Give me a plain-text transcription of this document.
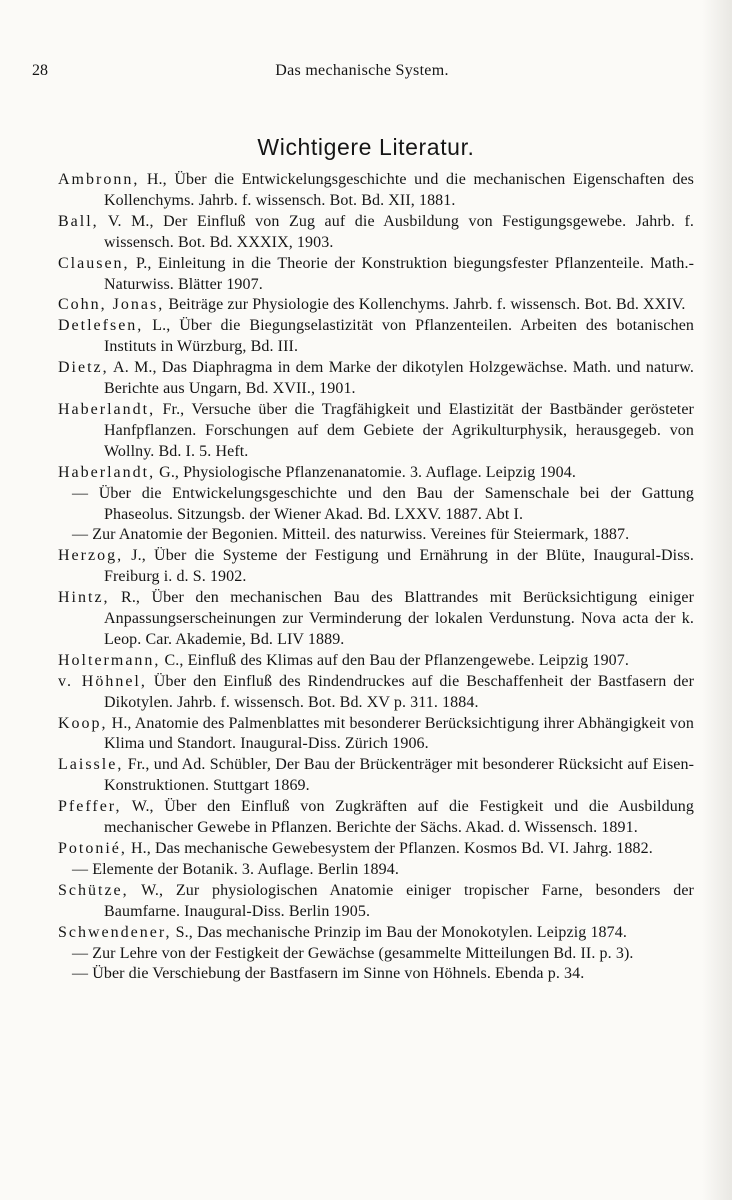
28	Das mechanische System.
Wichtigere Literatur.
Ambronn, H., Über die Entwickelungsgeschichte und die mechanischen Eigenschaften des Kollenchyms. Jahrb. f. wissensch. Bot. Bd. XII, 1881.
Ball, V. M., Der Einfluß von Zug auf die Ausbildung von Festigungsgewebe. Jahrb. f. wissensch. Bot. Bd. XXXIX, 1903.
Clausen, P., Einleitung in die Theorie der Konstruktion biegungsfester Pflanzenteile. Math.-Naturwiss. Blätter 1907.
Cohn, Jonas, Beiträge zur Physiologie des Kollenchyms. Jahrb. f. wissensch. Bot. Bd. XXIV.
Detlefsen, L., Über die Biegungselastizität von Pflanzenteilen. Arbeiten des botanischen Instituts in Würzburg, Bd. III.
Dietz, A. M., Das Diaphragma in dem Marke der dikotylen Holzgewächse. Math. und naturw. Berichte aus Ungarn, Bd. XVII., 1901.
Haberlandt, Fr., Versuche über die Tragfähigkeit und Elastizität der Bastbänder gerösteter Hanfpflanzen. Forschungen auf dem Gebiete der Agrikulturphysik, herausgegeb. von Wollny. Bd. I. 5. Heft.
Haberlandt, G., Physiologische Pflanzenanatomie. 3. Auflage. Leipzig 1904.
— Über die Entwickelungsgeschichte und den Bau der Samenschale bei der Gattung Phaseolus. Sitzungsb. der Wiener Akad. Bd. LXXV. 1887. Abt I.
— Zur Anatomie der Begonien. Mitteil. des naturwiss. Vereines für Steiermark, 1887.
Herzog, J., Über die Systeme der Festigung und Ernährung in der Blüte, Inaugural-Diss. Freiburg i. d. S. 1902.
Hintz, R., Über den mechanischen Bau des Blattrandes mit Berücksichtigung einiger Anpassungserscheinungen zur Verminderung der lokalen Verdunstung. Nova acta der k. Leop. Car. Akademie, Bd. LIV 1889.
Holtermann, C., Einfluß des Klimas auf den Bau der Pflanzengewebe. Leipzig 1907.
v. Höhnel, Über den Einfluß des Rindendruckes auf die Beschaffenheit der Bastfasern der Dikotylen. Jahrb. f. wissensch. Bot. Bd. XV p. 311. 1884.
Koop, H., Anatomie des Palmenblattes mit besonderer Berücksichtigung ihrer Abhängigkeit von Klima und Standort. Inaugural-Diss. Zürich 1906.
Laissle, Fr., und Ad. Schübler, Der Bau der Brückenträger mit besonderer Rücksicht auf Eisen-Konstruktionen. Stuttgart 1869.
Pfeffer, W., Über den Einfluß von Zugkräften auf die Festigkeit und die Ausbildung mechanischer Gewebe in Pflanzen. Berichte der Sächs. Akad. d. Wissensch. 1891.
Potonié, H., Das mechanische Gewebesystem der Pflanzen. Kosmos Bd. VI. Jahrg. 1882.
— Elemente der Botanik. 3. Auflage. Berlin 1894.
Schütze, W., Zur physiologischen Anatomie einiger tropischer Farne, besonders der Baumfarne. Inaugural-Diss. Berlin 1905.
Schwendener, S., Das mechanische Prinzip im Bau der Monokotylen. Leipzig 1874.
— Zur Lehre von der Festigkeit der Gewächse (gesammelte Mitteilungen Bd. II. p. 3).
— Über die Verschiebung der Bastfasern im Sinne von Höhnels. Ebenda p. 34.
